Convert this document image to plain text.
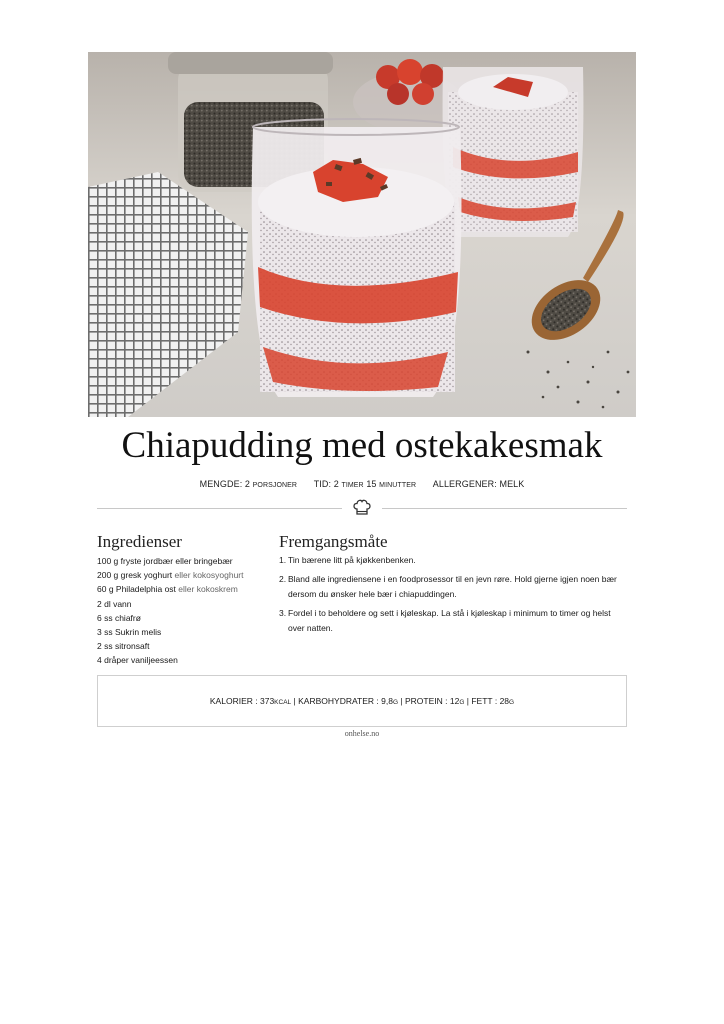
Chiapudding med ostekakesmak
MENGDE: 2 PORSJONER TID: 2 TIMER 15 MINUTTER ALLERGENER: MELK
Ingredienser	Fremgangsmåte
100 g fryste jordbær eller bringebær
200 g gresk yoghurt eller kokosyoghurt
60 g Philadelphia ost eller kokoskrem
2 dl vann
6 ss chiafrø
3 ss Sukrin melis
2 ss sitronsaft
4 dråper vaniljeessen
1. Tin bærene litt på kjøkkenbenken.
2. Bland alle ingrediensene i en foodprosessor til en jevn røre. Hold gjerne igjen noen bær dersom du ønsker hele bær i chiapuddingen.
3. Fordel i to beholdere og sett i kjøleskap. La stå i kjøleskap i minimum to timer og helst over natten.
KALORIER : 373KCAL | KARBOHYDRATER : 9,8G | PROTEIN : 12G | FETT : 28G
onhelse.no
